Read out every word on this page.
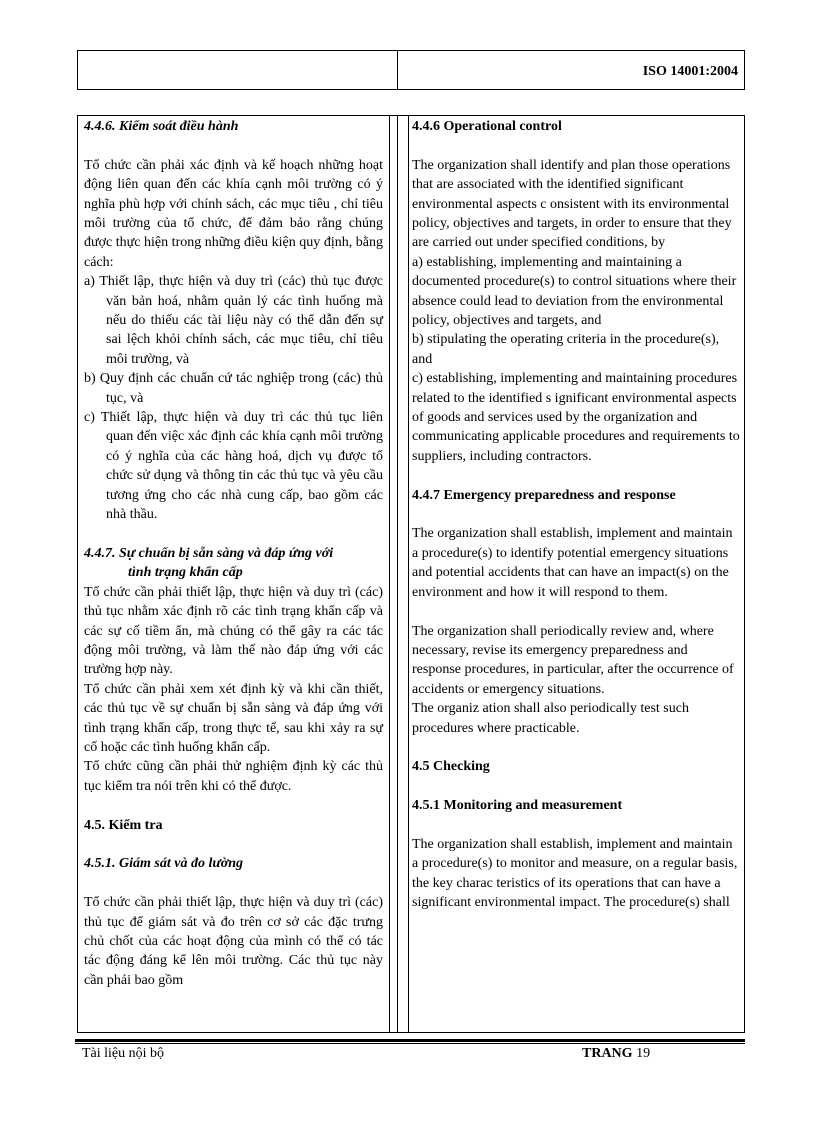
ISO 14001:2004
4.4.6. Kiểm soát điều hành
Tổ chức cần phải xác định và kế hoạch những hoạt động liên quan đến các khía cạnh môi trường có ý nghĩa phù hợp với chính sách, các mục tiêu , chỉ tiêu môi trường của tổ chức, để đảm bảo rằng chúng được thực hiện trong những điều kiện quy định, bằng cách:
a) Thiết lập, thực hiện và duy trì (các) thủ tục được văn bản hoá, nhằm quản lý các tình huống mà nếu do thiếu các tài liệu này có thể dẫn đến sự sai lệch khỏi chính sách, các mục tiêu, chỉ tiêu môi trường, và
b) Quy định các chuẩn cứ tác nghiệp trong (các) thủ tục, và
c) Thiết lập, thực hiện và duy trì các thủ tục liên quan đến việc xác định các khía cạnh môi trường có ý nghĩa của các hàng hoá, dịch vụ được tổ chức sử dụng và thông tin các thủ tục và yêu cầu tương ứng cho các nhà cung cấp, bao gồm các nhà thầu.
4.4.7. Sự chuẩn bị sẵn sàng và đáp ứng với
tình trạng khẩn cấp
Tổ chức cần phải thiết lập, thực hiện và duy trì (các) thủ tục nhằm xác định rõ các tình trạng khẩn cấp và các sự cố tiềm ẩn, mà chúng có thể gây ra các tác động môi trường, và làm thế nào đáp ứng với các trường hợp này.
Tổ chức cần phải xem xét định kỳ và khi cần thiết, các thủ tục về sự chuẩn bị sẵn sàng và đáp ứng với tình trạng khẩn cấp, trong thực tế, sau khi xảy ra sự cố hoặc các tình huống khẩn cấp.
Tổ chức cũng cần phải thử nghiệm định kỳ các thủ tục kiểm tra nói trên khi có thể được.
4.5. Kiểm tra
4.5.1. Giám sát và đo lường
Tổ chức cần phải thiết lập, thực hiện và duy trì (các) thủ tục để giám sát và đo trên cơ sở các đặc trưng chủ chốt của các hoạt động của mình có thể có tác tác động đáng kể lên môi trường. Các thủ tục này cần phải bao gồm
4.4.6 Operational control
The organization shall identify and plan those operations that are associated with the identified significant environmental aspects c onsistent with its environmental policy, objectives and targets, in order to ensure that they are carried out under specified conditions, by
a) establishing, implementing and maintaining a documented procedure(s) to control situations where their absence could lead to deviation from the environmental policy, objectives and targets, and
b) stipulating the operating criteria in the procedure(s), and
c) establishing, implementing and maintaining procedures related to the identified s ignificant environmental aspects of goods and services used by the organization and communicating applicable procedures and requirements to suppliers, including contractors.
4.4.7 Emergency preparedness and response
The organization shall establish, implement and maintain a procedure(s) to identify potential emergency situations and potential accidents that can have an impact(s) on the environment and how it will respond to them.
The organization shall periodically review and, where necessary, revise its emergency preparedness and response procedures, in particular, after the occurrence of accidents or emergency situations.
The organiz ation shall also periodically test such procedures where practicable.
4.5 Checking
4.5.1 Monitoring and measurement
The organization shall establish, implement and maintain a procedure(s) to monitor and measure, on a regular basis, the key charac teristics of its operations that can have a significant environmental impact. The procedure(s) shall
Tài liệu nội bộ	TRANG 19
